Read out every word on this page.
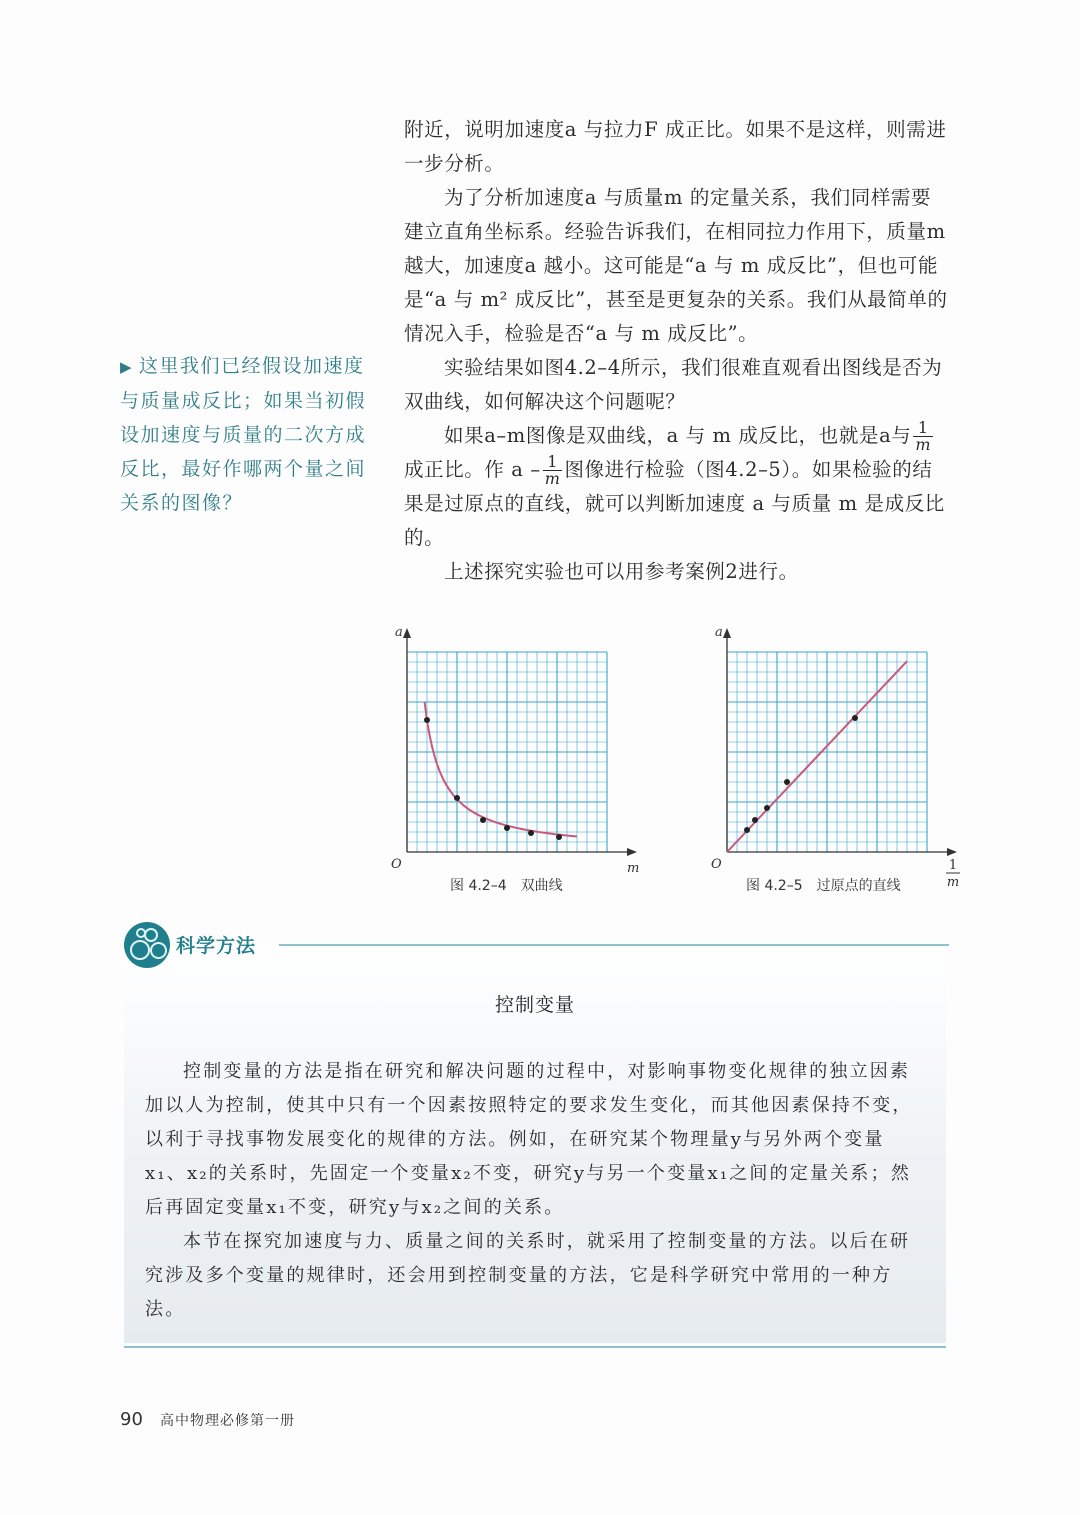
附近，说明加速度a 与拉力F 成正比。如果不是这样，则需进一步分析。

为了分析加速度a 与质量m 的定量关系，我们同样需要建立直角坐标系。经验告诉我们，在相同拉力作用下，质量m 越大，加速度a 越小。这可能是“a 与 m 成反比”，但也可能是“a 与 m² 成反比”，甚至是更复杂的关系。我们从最简单的情况入手，检验是否“a 与 m 成反比”。

实验结果如图4.2–4所示，我们很难直观看出图线是否为双曲线，如何解决这个问题呢？

如果a–m图像是双曲线，a 与 m 成反比，也就是a与 $\frac{1}{m}$
成正比。作 a – $\frac{1}{m}$ 图像进行检验（图4.2–5）。如果检验的结果是过原点的直线，就可以判断加速度 a 与质量 m 是成反比的。

上述探究实验也可以用参考案例2进行。

▶ 这里我们已经假设加速度与质量成反比；如果当初假设加速度与质量的二次方成反比，最好作哪两个量之间关系的图像？
a
O	m
图 4.2–4　双曲线
a
O	1
m
图 4.2–5　过原点的直线
科学方法
控制变量

控制变量的方法是指在研究和解决问题的过程中，对影响事物变化规律的独立因素加以人为控制，使其中只有一个因素按照特定的要求发生变化，而其他因素保持不变，以利于寻找事物发展变化的规律的方法。例如，在研究某个物理量y与另外两个变量x₁、x₂的关系时，先固定一个变量x₂不变，研究y与另一个变量x₁之间的定量关系；然后再固定变量x₁不变，研究y与x₂之间的关系。

本节在探究加速度与力、质量之间的关系时，就采用了控制变量的方法。以后在研究涉及多个变量的规律时，还会用到控制变量的方法，它是科学研究中常用的一种方法。

90 高中物理必修第一册
